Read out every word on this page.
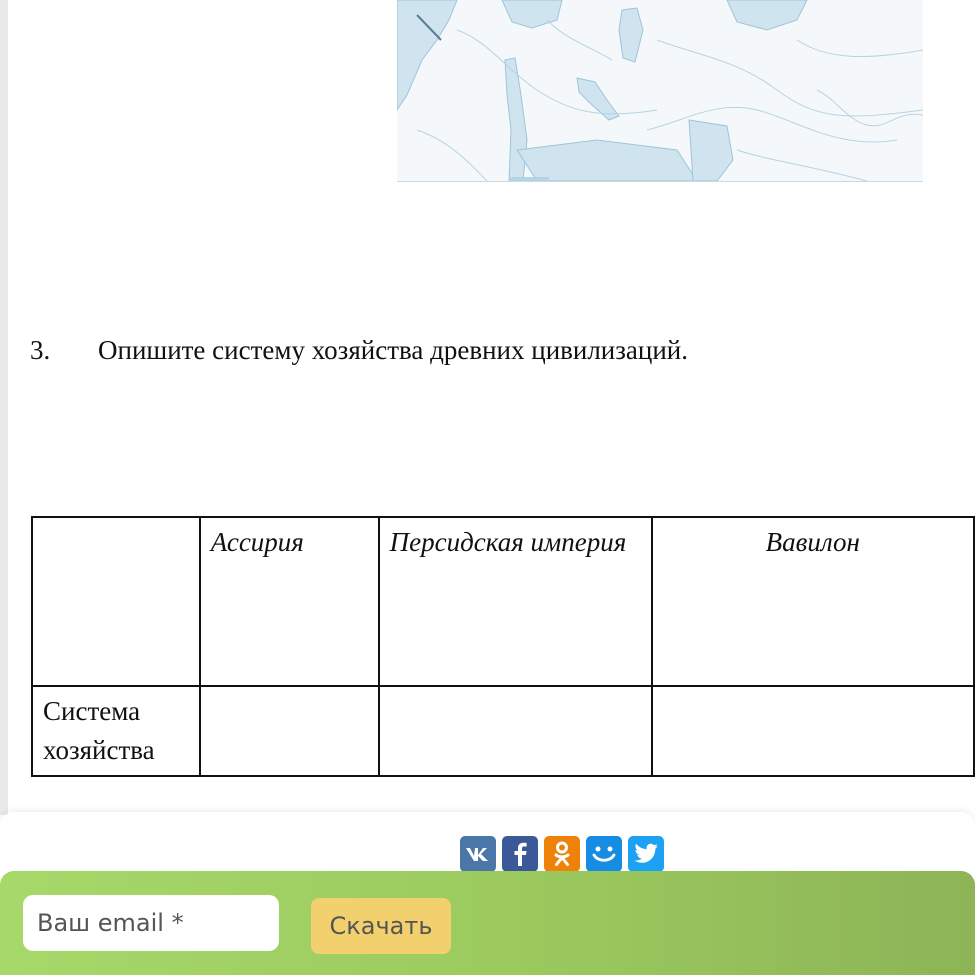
3. Опишите систему хозяйства древних цивилизаций.
	Ассирия	Персидская империя	Вавилон
Система хозяйства			
Ваш email *
Скачать
